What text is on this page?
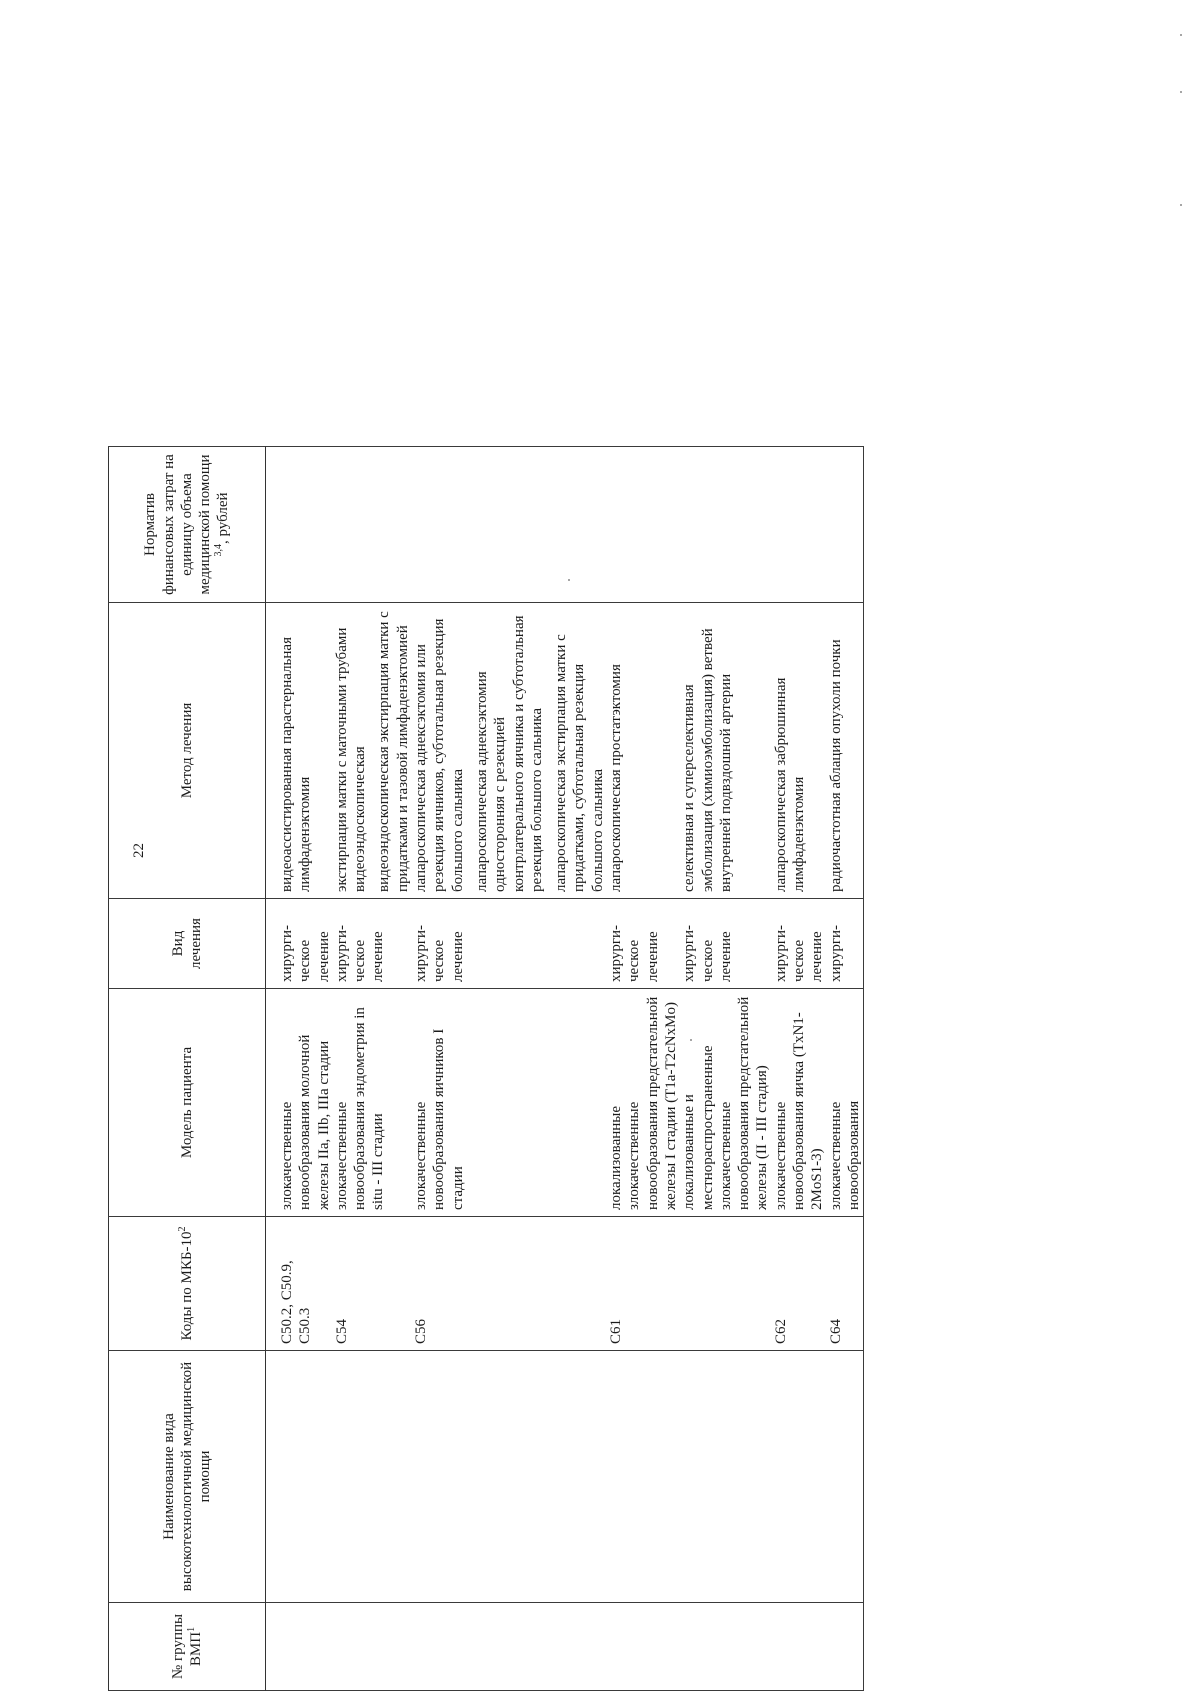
22
№ группы ВМП$^1$	Наименование вида высокотехнологичной медицинской помощи	Коды по МКБ-$10^2$	Модель пациента	Вид лечения	Метод лечения	Норматив финансовых затрат на единицу объема медицинской помощи $^{3,4}$, рублей

		C50.2, C50.9, C50.3	злокачественные новообразования молочной железы IIa, IIb, IIIa стадии	хирурги-ческое лечение	видеоассистированная парастернальная лимфаденэктомия	

		C54	злокачественные новообразования эндометрия in situ - III стадии	хирурги-ческое лечение	экстирпация матки с маточными трубами видеоэндоскопическая видеоэндоскопическая экстирпация матки с придатками и тазовой лимфаденэктомией	

		C56	злокачественные новообразования яичников I стадии	хирурги-ческое лечение	лапароскопическая аднексэктомия или резекция яичников, субтотальная резекция большого сальника лапароскопическая аднексэктомия односторонняя с резекцией контрлатерального яичника и субтотальная резекция большого сальника лапароскопическая экстирпация матки с придатками, субтотальная резекция большого сальника	

		C61	локализованные злокачественные новообразования предстательной железы I стадии (T1a-T2cNxMo)	хирурги-ческое лечение	лапароскопическая простатэктомия	

			локализованные и местнораспространенные злокачественные новообразования предстательной железы (II - III стадия)	хирурги-ческое лечение	селективная и суперселективная эмболизация (химиоэмболизация) ветвей внутренней подвздошной артерии	

		C62	злокачественные новообразования яичка (TxN1-2MoS1-3)	хирурги-ческое лечение	лапароскопическая забрюшинная лимфаденэктомия	

		C64	злокачественные новообразования	хирурги-	радиочастотная аблация опухоли почки	
